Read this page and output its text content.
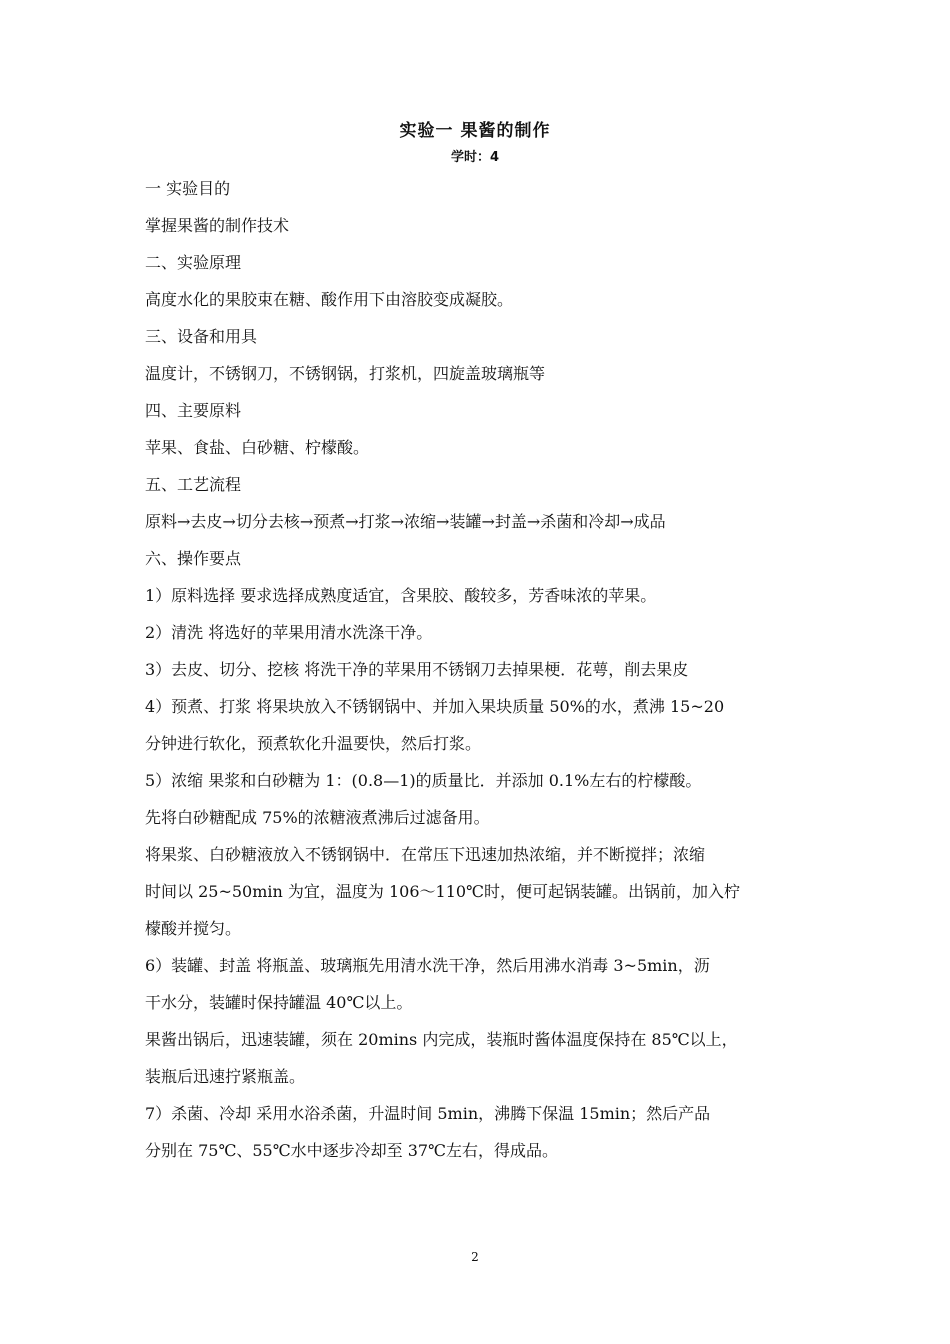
实验一 果酱的制作
学时：4
一 实验目的
掌握果酱的制作技术
二、实验原理
高度水化的果胶束在糖、酸作用下由溶胶变成凝胶。
三、设备和用具
温度计，不锈钢刀，不锈钢锅，打浆机，四旋盖玻璃瓶等
四、主要原料
苹果、食盐、白砂糖、柠檬酸。
五、工艺流程
原料→去皮→切分去核→预煮→打浆→浓缩→装罐→封盖→杀菌和冷却→成品
六、操作要点
1）原料选择 要求选择成熟度适宜，含果胶、酸较多，芳香味浓的苹果。
2）清洗 将选好的苹果用清水洗涤干净。
3）去皮、切分、挖核 将洗干净的苹果用不锈钢刀去掉果梗．花萼，削去果皮
4）预煮、打浆 将果块放入不锈钢锅中、并加入果块质量 50%的水，煮沸 15~20
分钟进行软化，预煮软化升温要快，然后打浆。
5）浓缩 果浆和白砂糖为 1：(0.8—1)的质量比．并添加 0.1%左右的柠檬酸。
先将白砂糖配成 75%的浓糖液煮沸后过滤备用。
将果浆、白砂糖液放入不锈钢锅中．在常压下迅速加热浓缩，并不断搅拌；浓缩
时间以 25~50min 为宜，温度为 106～110℃时，便可起锅装罐。出锅前，加入柠
檬酸并搅匀。
6）装罐、封盖 将瓶盖、玻璃瓶先用清水洗干净，然后用沸水消毒 3~5min，沥
干水分，装罐时保持罐温 40℃以上。
果酱出锅后，迅速装罐，须在 20mins 内完成，装瓶时酱体温度保持在 85℃以上，
装瓶后迅速拧紧瓶盖。
7）杀菌、冷却 采用水浴杀菌，升温时间 5min，沸腾下保温 15min；然后产品
分别在 75℃、55℃水中逐步冷却至 37℃左右，得成品。
2
